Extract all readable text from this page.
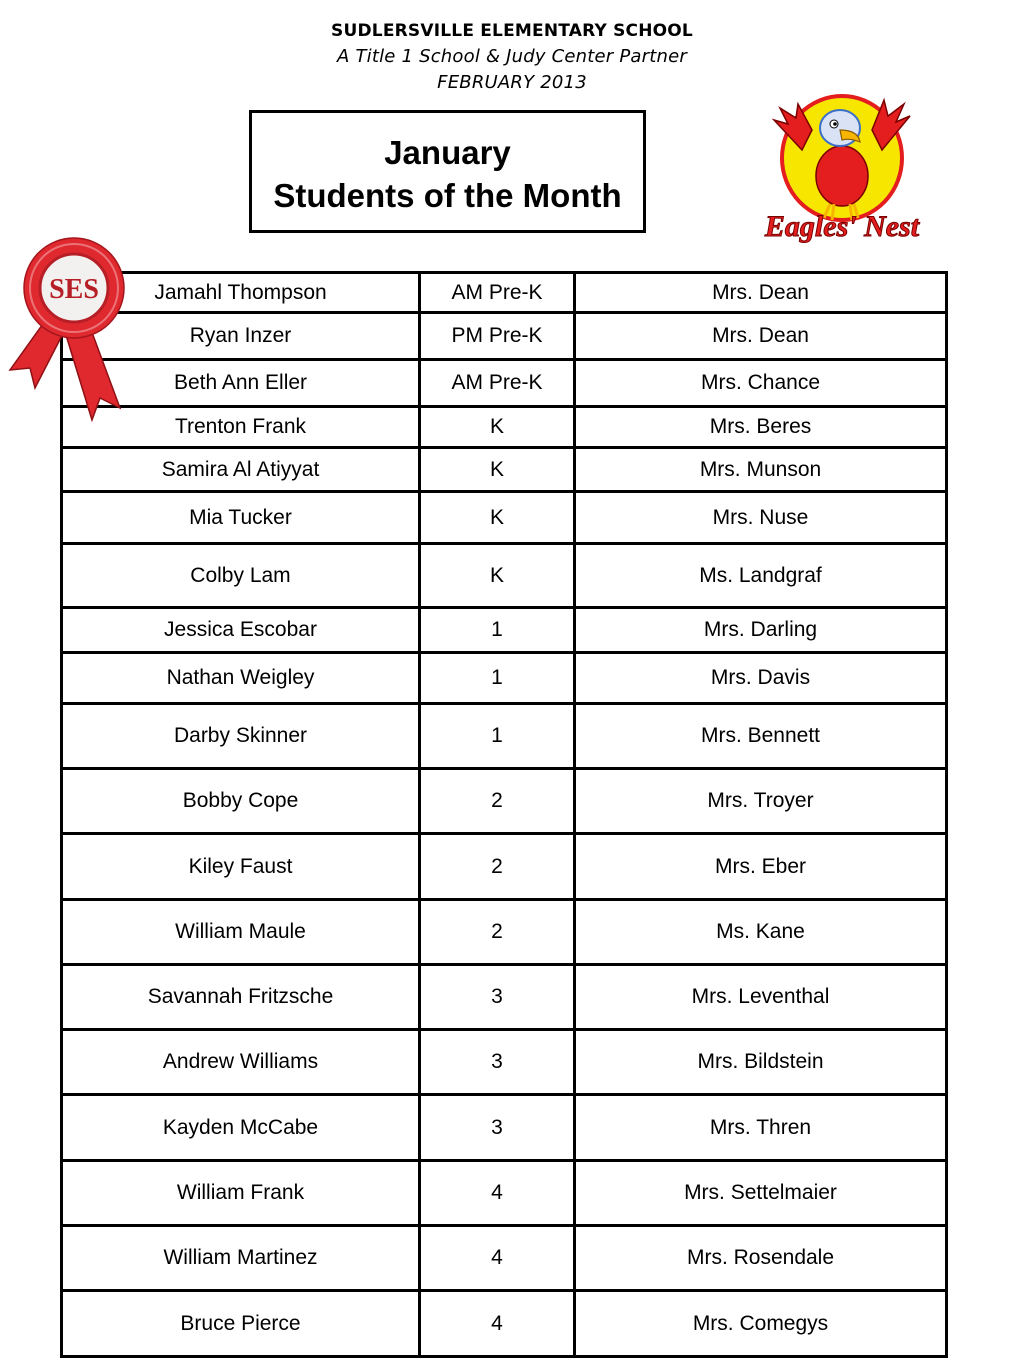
SUDLERSVILLE ELEMENTARY SCHOOL
A Title 1 School & Judy Center Partner
FEBRUARY 2013
January
Students of the Month
Eagles' Nest
SES	Jamahl Thompson	AM Pre-K	Mrs. Dean
Ryan Inzer	PM Pre-K	Mrs. Dean
Beth Ann Eller	AM Pre-K	Mrs. Chance
Trenton Frank	K	Mrs. Beres
Samira Al Atiyyat	K	Mrs. Munson
Mia Tucker	K	Mrs. Nuse
Colby Lam	K	Ms. Landgraf
Jessica Escobar	1	Mrs. Darling
Nathan Weigley	1	Mrs. Davis
Darby Skinner	1	Mrs. Bennett
Bobby Cope	2	Mrs. Troyer
Kiley Faust	2	Mrs. Eber
William Maule	2	Ms. Kane
Savannah Fritzsche	3	Mrs. Leventhal
Andrew Williams	3	Mrs. Bildstein
Kayden McCabe	3	Mrs. Thren
William Frank	4	Mrs. Settelmaier
William Martinez	4	Mrs. Rosendale
Bruce Pierce	4	Mrs. Comegys
